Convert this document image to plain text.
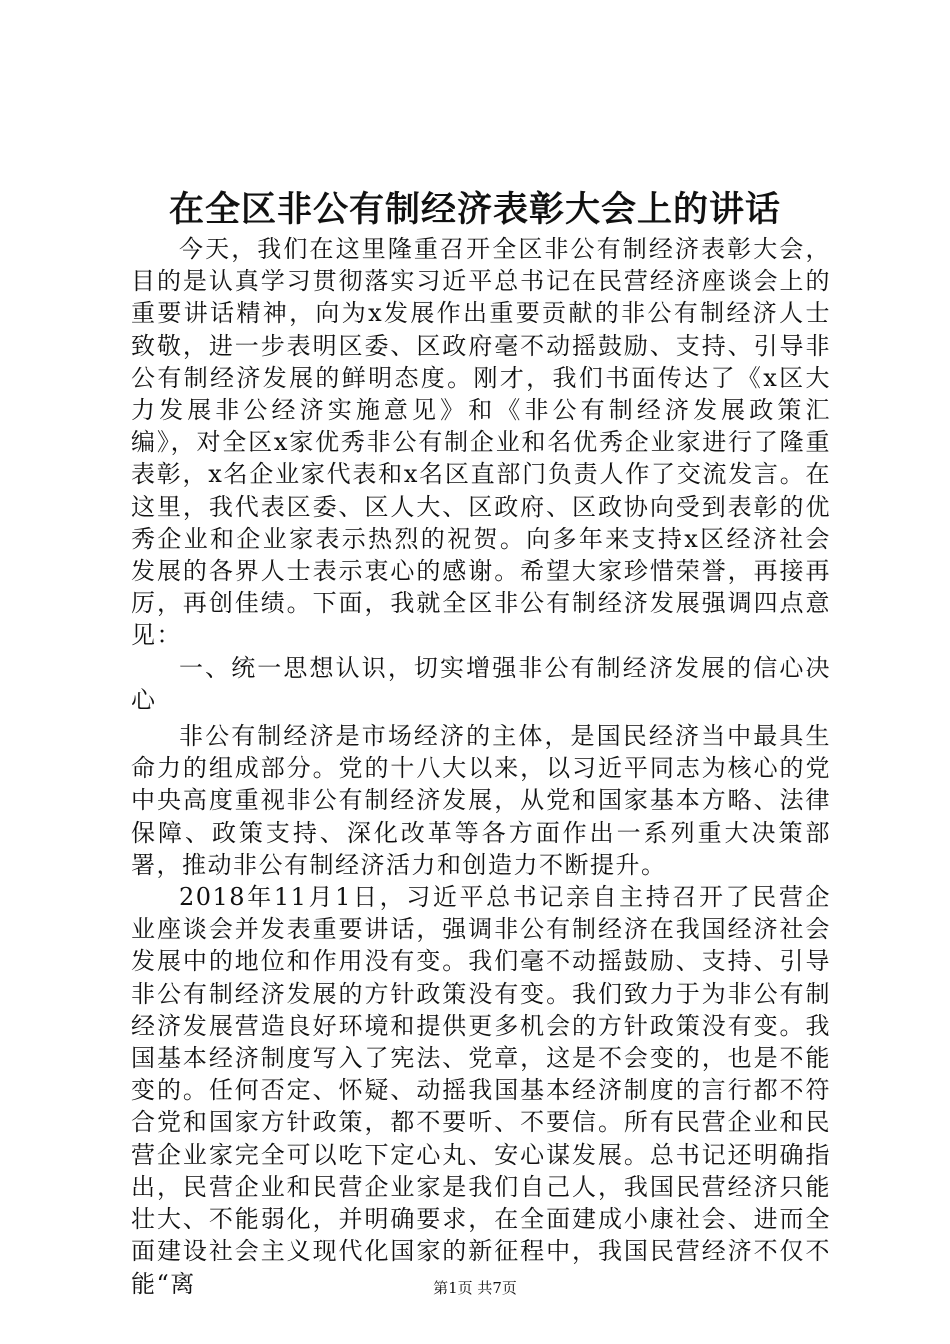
在全区非公有制经济表彰大会上的讲话

今天，我们在这里隆重召开全区非公有制经济表彰大会，目的是认真学习贯彻落实习近平总书记在民营经济座谈会上的重要讲话精神，向为x发展作出重要贡献的非公有制经济人士致敬，进一步表明区委、区政府毫不动摇鼓励、支持、引导非公有制经济发展的鲜明态度。刚才，我们书面传达了《x区大力发展非公经济实施意见》和《非公有制经济发展政策汇编》，对全区x家优秀非公有制企业和名优秀企业家进行了隆重表彰，x名企业家代表和x名区直部门负责人作了交流发言。在这里，我代表区委、区人大、区政府、区政协向受到表彰的优秀企业和企业家表示热烈的祝贺。向多年来支持x区经济社会发展的各界人士表示衷心的感谢。希望大家珍惜荣誉，再接再厉，再创佳绩。下面，我就全区非公有制经济发展强调四点意见：

一、统一思想认识，切实增强非公有制经济发展的信心决心

非公有制经济是市场经济的主体，是国民经济当中最具生命力的组成部分。党的十八大以来，以习近平同志为核心的党中央高度重视非公有制经济发展，从党和国家基本方略、法律保障、政策支持、深化改革等各方面作出一系列重大决策部署，推动非公有制经济活力和创造力不断提升。

2018年11月1日，习近平总书记亲自主持召开了民营企业座谈会并发表重要讲话，强调非公有制经济在我国经济社会发展中的地位和作用没有变。我们毫不动摇鼓励、支持、引导非公有制经济发展的方针政策没有变。我们致力于为非公有制经济发展营造良好环境和提供更多机会的方针政策没有变。我国基本经济制度写入了宪法、党章，这是不会变的，也是不能变的。任何否定、怀疑、动摇我国基本经济制度的言行都不符合党和国家方针政策，都不要听、不要信。所有民营企业和民营企业家完全可以吃下定心丸、安心谋发展。总书记还明确指出，民营企业和民营企业家是我们自己人，我国民营经济只能壮大、不能弱化，并明确要求，在全面建成小康社会、进而全面建设社会主义现代化国家的新征程中，我国民营经济不仅不能“离	第1页 共7页
